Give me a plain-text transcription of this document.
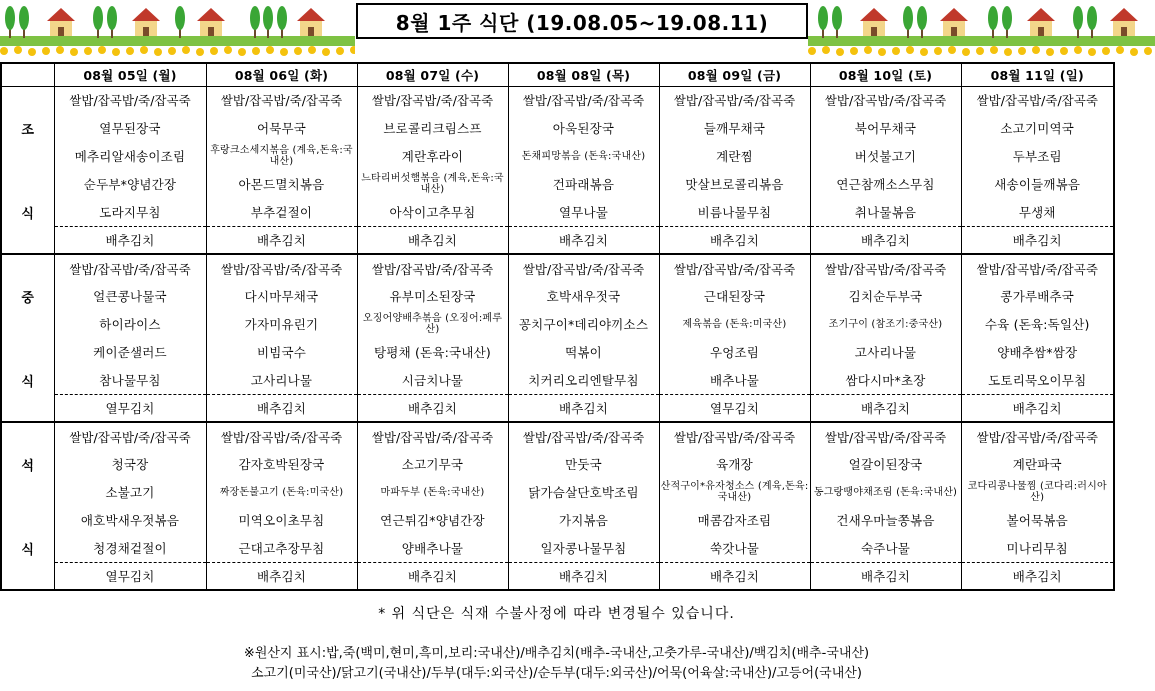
8월 1주 식단 (19.08.05~19.08.11)
	08월 05일 (월)	08월 06일 (화)	08월 07일 (수)	08월 08일 (목)	08월 09일 (금)	08월 10일 (토)	08월 11일 (일)
	쌀밥/잡곡밥/죽/잡곡죽	쌀밥/잡곡밥/죽/잡곡죽	쌀밥/잡곡밥/죽/잡곡죽	쌀밥/잡곡밥/죽/잡곡죽	쌀밥/잡곡밥/죽/잡곡죽	쌀밥/잡곡밥/죽/잡곡죽	쌀밥/잡곡밥/죽/잡곡죽
조	열무된장국	어묵무국	브로콜리크림스프	아욱된장국	들깨무채국	북어무채국	소고기미역국
	메추리알새송이조림	후랑크소세지볶음 (계육,돈육:국내산)	계란후라이	돈채피망볶음 (돈육:국내산)	계란찜	버섯불고기	두부조림
	순두부*양념간장	아몬드멸치볶음	느타리버섯햄볶음 (계육,돈육:국내산)	건파래볶음	맛살브로콜리볶음	연근참깨소스무침	새송이들깨볶음
식	도라지무침	부추겉절이	아삭이고추무침	열무나물	비름나물무침	취나물볶음	무생채
	배추김치	배추김치	배추김치	배추김치	배추김치	배추김치	배추김치
	쌀밥/잡곡밥/죽/잡곡죽	쌀밥/잡곡밥/죽/잡곡죽	쌀밥/잡곡밥/죽/잡곡죽	쌀밥/잡곡밥/죽/잡곡죽	쌀밥/잡곡밥/죽/잡곡죽	쌀밥/잡곡밥/죽/잡곡죽	쌀밥/잡곡밥/죽/잡곡죽
중	얼큰콩나물국	다시마무채국	유부미소된장국	호박새우젓국	근대된장국	김치순두부국	콩가루배추국
	하이라이스	가자미유린기	오징어양배추볶음 (오징어:페루산)	꽁치구이*데리야끼소스	제육볶음 (돈육:미국산)	조기구이 (참조기:중국산)	수육 (돈육:독일산)
	케이준샐러드	비빔국수	탕평채 (돈육:국내산)	떡볶이	우엉조림	고사리나물	양배추쌈*쌈장
식	참나물무침	고사리나물	시금치나물	치커리오리엔탈무침	배추나물	쌈다시마*초장	도토리묵오이무침
	열무김치	배추김치	배추김치	배추김치	열무김치	배추김치	배추김치
	쌀밥/잡곡밥/죽/잡곡죽	쌀밥/잡곡밥/죽/잡곡죽	쌀밥/잡곡밥/죽/잡곡죽	쌀밥/잡곡밥/죽/잡곡죽	쌀밥/잡곡밥/죽/잡곡죽	쌀밥/잡곡밥/죽/잡곡죽	쌀밥/잡곡밥/죽/잡곡죽
석	청국장	감자호박된장국	소고기무국	만둣국	육개장	얼갈이된장국	계란파국
	소불고기	짜장돈불고기 (돈육:미국산)	마파두부 (돈육:국내산)	닭가슴살단호박조림	산적구이*유자청소스 (계육,돈육:국내산)	동그랑땡야채조림 (돈육:국내산)	코다리콩나물찜 (코다리:러시아산)
	애호박새우젓볶음	미역오이초무침	연근튀김*양념간장	가지볶음	매콤감자조림	건새우마늘쫑볶음	볼어묵볶음
식	청경채겉절이	근대고추장무침	양배추나물	일자콩나물무침	쑥갓나물	숙주나물	미나리무침
	열무김치	배추김치	배추김치	배추김치	배추김치	배추김치	배추김치
* 위 식단은 식재 수불사정에 따라 변경될수 있습니다.
※원산지 표시:밥,죽(백미,현미,흑미,보리:국내산)/배추김치(배추-국내산,고춧가루-국내산)/백김치(배추-국내산)
소고기(미국산)/닭고기(국내산)/두부(대두:외국산)/순두부(대두:외국산)/어묵(어육살:국내산)/고등어(국내산)
